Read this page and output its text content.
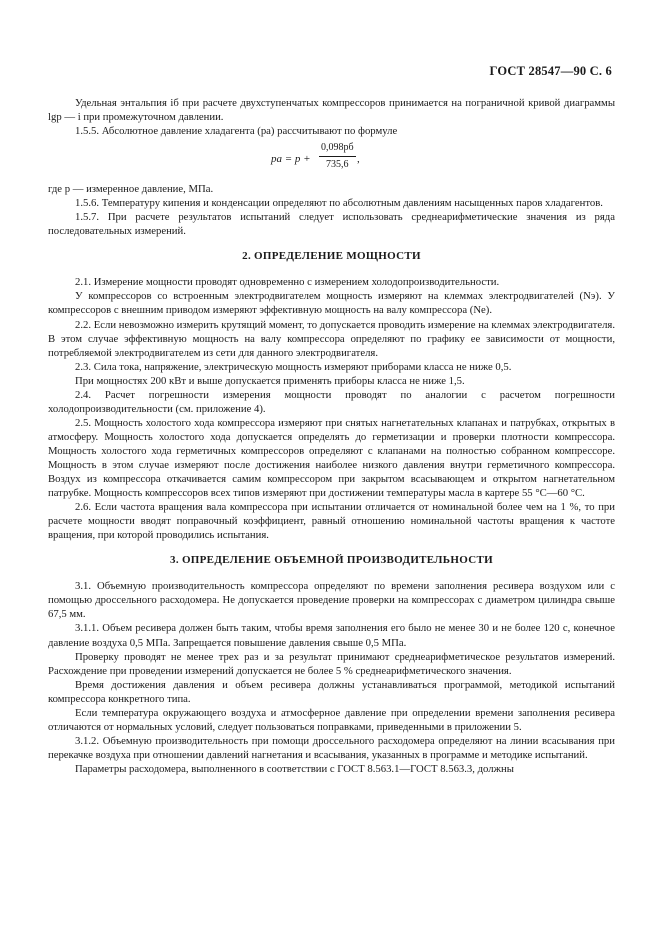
ГОСТ 28547—90 С. 6

Удельная энтальпия iб при расчете двухступенчатых компрессоров принимается на пограничной кривой диаграммы lgp — i при промежуточном давлении.

1.5.5. Абсолютное давление хладагента (pа) рассчитывают по формуле

pа = p +
0,098pб
735,6 ,

где p — измеренное давление, МПа.

1.5.6. Температуру кипения и конденсации определяют по абсолютным давлениям насыщенных паров хладагентов.

1.5.7. При расчете результатов испытаний следует использовать среднеарифметические значения из ряда последовательных измерений.

2. ОПРЕДЕЛЕНИЕ МОЩНОСТИ

2.1. Измерение мощности проводят одновременно с измерением холодопроизводительности.

У компрессоров со встроенным электродвигателем мощность измеряют на клеммах электродвигателей (Nэ). У компрессоров с внешним приводом измеряют эффективную мощность на валу компрессора (Nе).

2.2. Если невозможно измерить крутящий момент, то допускается проводить измерение на клеммах электродвигателя. В этом случае эффективную мощность на валу компрессора определяют по графику ее зависимости от мощности, потребляемой электродвигателем из сети для данного электродвигателя.

2.3. Сила тока, напряжение, электрическую мощность измеряют приборами класса не ниже 0,5.

При мощностях 200 кВт и выше допускается применять приборы класса не ниже 1,5.

2.4. Расчет погрешности измерения мощности проводят по аналогии с расчетом погрешности холодопроизводительности (см. приложение 4).

2.5. Мощность холостого хода компрессора измеряют при снятых нагнетательных клапанах и патрубках, открытых в атмосферу. Мощность холостого хода допускается определять до герметизации и проверки плотности компрессора. Мощность холостого хода герметичных компрессоров определяют с клапанами на полностью собранном компрессоре. Мощность в этом случае измеряют после достижения наиболее низкого давления внутри герметичного компрессора. Воздух из компрессора откачивается самим компрессором при закрытом всасывающем и открытом нагнетательном патрубке. Мощность компрессоров всех типов измеряют при достижении температуры масла в картере 55 °С—60 °С.

2.6. Если частота вращения вала компрессора при испытании отличается от номинальной более чем на 1 %, то при расчете мощности вводят поправочный коэффициент, равный отношению номинальной частоты вращения к частоте вращения, при которой проводились испытания.

3. ОПРЕДЕЛЕНИЕ ОБЪЕМНОЙ ПРОИЗВОДИТЕЛЬНОСТИ

3.1. Объемную производительность компрессора определяют по времени заполнения ресивера воздухом или с помощью дроссельного расходомера. Не допускается проведение проверки на компрессорах с диаметром цилиндра свыше 67,5 мм.

3.1.1. Объем ресивера должен быть таким, чтобы время заполнения его было не менее 30 и не более 120 с, конечное давление воздуха 0,5 МПа. Запрещается повышение давления свыше 0,5 МПа.

Проверку проводят не менее трех раз и за результат принимают среднеарифметическое результатов измерений. Расхождение при проведении измерений допускается не более 5 % среднеарифметического значения.

Время достижения давления и объем ресивера должны устанавливаться программой, методикой испытаний компрессора конкретного типа.

Если температура окружающего воздуха и атмосферное давление при определении времени заполнения ресивера отличаются от нормальных условий, следует пользоваться поправками, приведенными в приложении 5.

3.1.2. Объемную производительность при помощи дроссельного расходомера определяют на линии всасывания при перекачке воздуха при отношении давлений нагнетания и всасывания, указанных в программе и методике испытаний.

Параметры расходомера, выполненного в соответствии с ГОСТ 8.563.1—ГОСТ 8.563.3, должны
